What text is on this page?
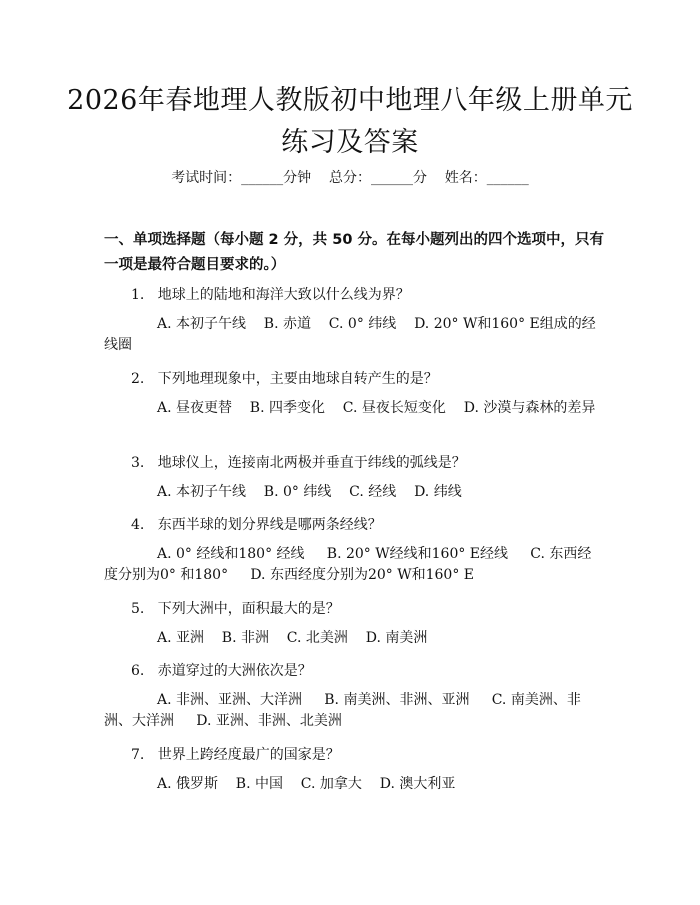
2026年春地理人教版初中地理八年级上册单元练习及答案
考试时间：______分钟    总分：______分    姓名：______
一、单项选择题（每小题 2 分，共 50 分。在每小题列出的四个选项中，只有一项是最符合题目要求的。）
1.   地球上的陆地和海洋大致以什么线为界？
A. 本初子午线    B. 赤道    C. 0° 纬线    D. 20° W和160° E组成的经线圈
2.   下列地理现象中，主要由地球自转产生的是？
A. 昼夜更替    B. 四季变化    C. 昼夜长短变化    D. 沙漠与森林的差异
3.   地球仪上，连接南北两极并垂直于纬线的弧线是？
A. 本初子午线    B. 0° 纬线    C. 经线    D. 纬线
4.   东西半球的划分界线是哪两条经线？
A. 0° 经线和180° 经线     B. 20° W经线和160° E经线     C. 东西经度分别为0° 和180°     D. 东西经度分别为20° W和160° E
5.   下列大洲中，面积最大的是？
A. 亚洲    B. 非洲    C. 北美洲    D. 南美洲
6.   赤道穿过的大洲依次是？
A. 非洲、亚洲、大洋洲     B. 南美洲、非洲、亚洲     C. 南美洲、非洲、大洋洲     D. 亚洲、非洲、北美洲
7.   世界上跨经度最广的国家是？
A. 俄罗斯    B. 中国    C. 加拿大    D. 澳大利亚
